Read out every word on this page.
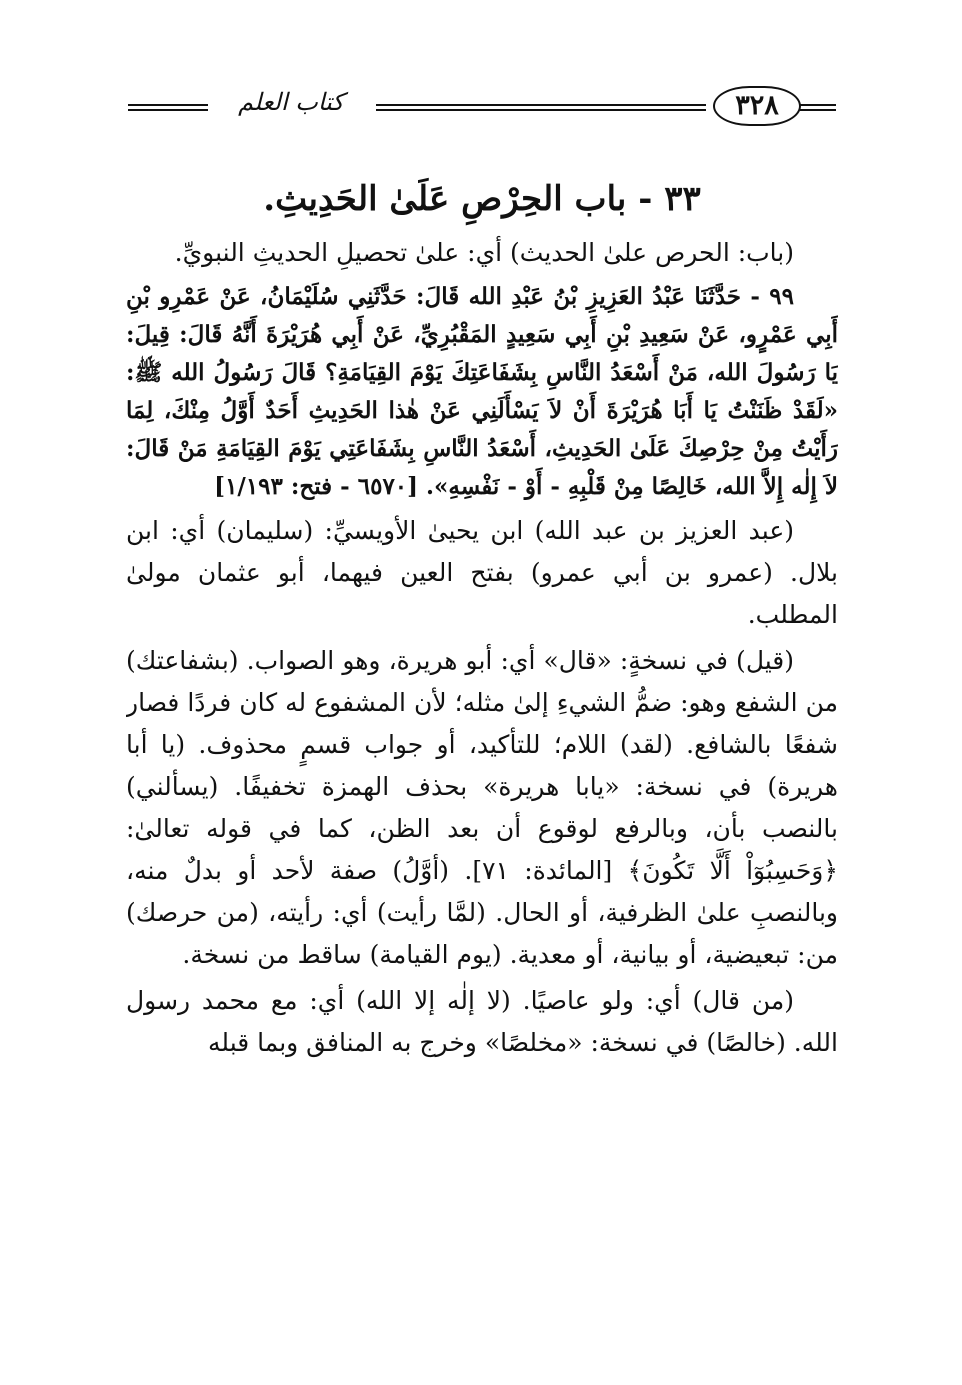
كتاب العلم	٣٢٨
٣٣ - باب الحِرْصِ عَلَىٰ الحَدِيثِ.

(باب: الحرص علىٰ الحديث) أي: علىٰ تحصيلِ الحديثِ النبويِّ.

٩٩ - حَدَّثَنَا عَبْدُ العَزِيزِ بْنُ عَبْدِ الله قَالَ: حَدَّثَنِي سُلَيْمَانُ، عَنْ عَمْرِو بْنِ أَبِي عَمْرٍو، عَنْ سَعِيدِ بْنِ أَبِي سَعِيدٍ المَقْبُرِيِّ، عَنْ أَبِي هُرَيْرَةَ أَنَّهُ قَالَ: قِيلَ: يَا رَسُولَ الله، مَنْ أَسْعَدُ النَّاسِ بِشَفَاعَتِكَ يَوْمَ القِيَامَةِ؟ قَالَ رَسُولُ الله ﷺ: «لَقَدْ ظَنَنْتُ يَا أَبَا هُرَيْرَةَ أَنْ لاَ يَسْأَلَنِي عَنْ هٰذا الحَدِيثِ أَحَدٌ أَوَّلُ مِنْكَ، لِمَا رَأَيْتُ مِنْ حِرْصِكَ عَلَىٰ الحَدِيثِ، أَسْعَدُ النَّاسِ بِشَفَاعَتِي يَوْمَ القِيَامَةِ مَنْ قَالَ: لاَ إِلٰه إِلاَّ الله، خَالِصًا مِنْ قَلْبِهِ - أَوْ - نَفْسِهِ». [٦٥٧٠ - فتح: ١/١٩٣]

(عبد العزيز بن عبد الله) ابن يحيىٰ الأويسيِّ: (سليمان) أي: ابن بلال. (عمرو بن أبي عمرو) بفتح العين فيهما، أبو عثمان مولىٰ المطلب.

(قيل) في نسخةٍ: «قال» أي: أبو هريرة، وهو الصواب. (بشفاعتك) من الشفع وهو: ضمُّ الشيءِ إلىٰ مثله؛ لأن المشفوع له كان فردًا فصار شفعًا بالشافع. (لقد) اللام؛ للتأكيد، أو جواب قسمٍ محذوف. (يا أبا هريرة) في نسخة: «يابا هريرة» بحذف الهمزة تخفيفًا. (يسألني) بالنصب بأن، وبالرفع لوقوع أن بعد الظن، كما في قوله تعالىٰ: ﴿وَحَسِبُوٓاْ أَلَّا تَكُونَ﴾ [المائدة: ٧١]. (أوَّلُ) صفة لأحد أو بدلٌ منه، وبالنصبِ علىٰ الظرفية، أو الحال. (لمَّا رأيت) أي: رأيته، (من حرصك) من: تبعيضية، أو بيانية، أو معدية. (يوم القيامة) ساقط من نسخة.

(من قال) أي: ولو عاصيًا. (لا إلٰه إلا الله) أي: مع محمد رسول الله. (خالصًا) في نسخة: «مخلصًا» وخرج به المنافق وبما قبله
